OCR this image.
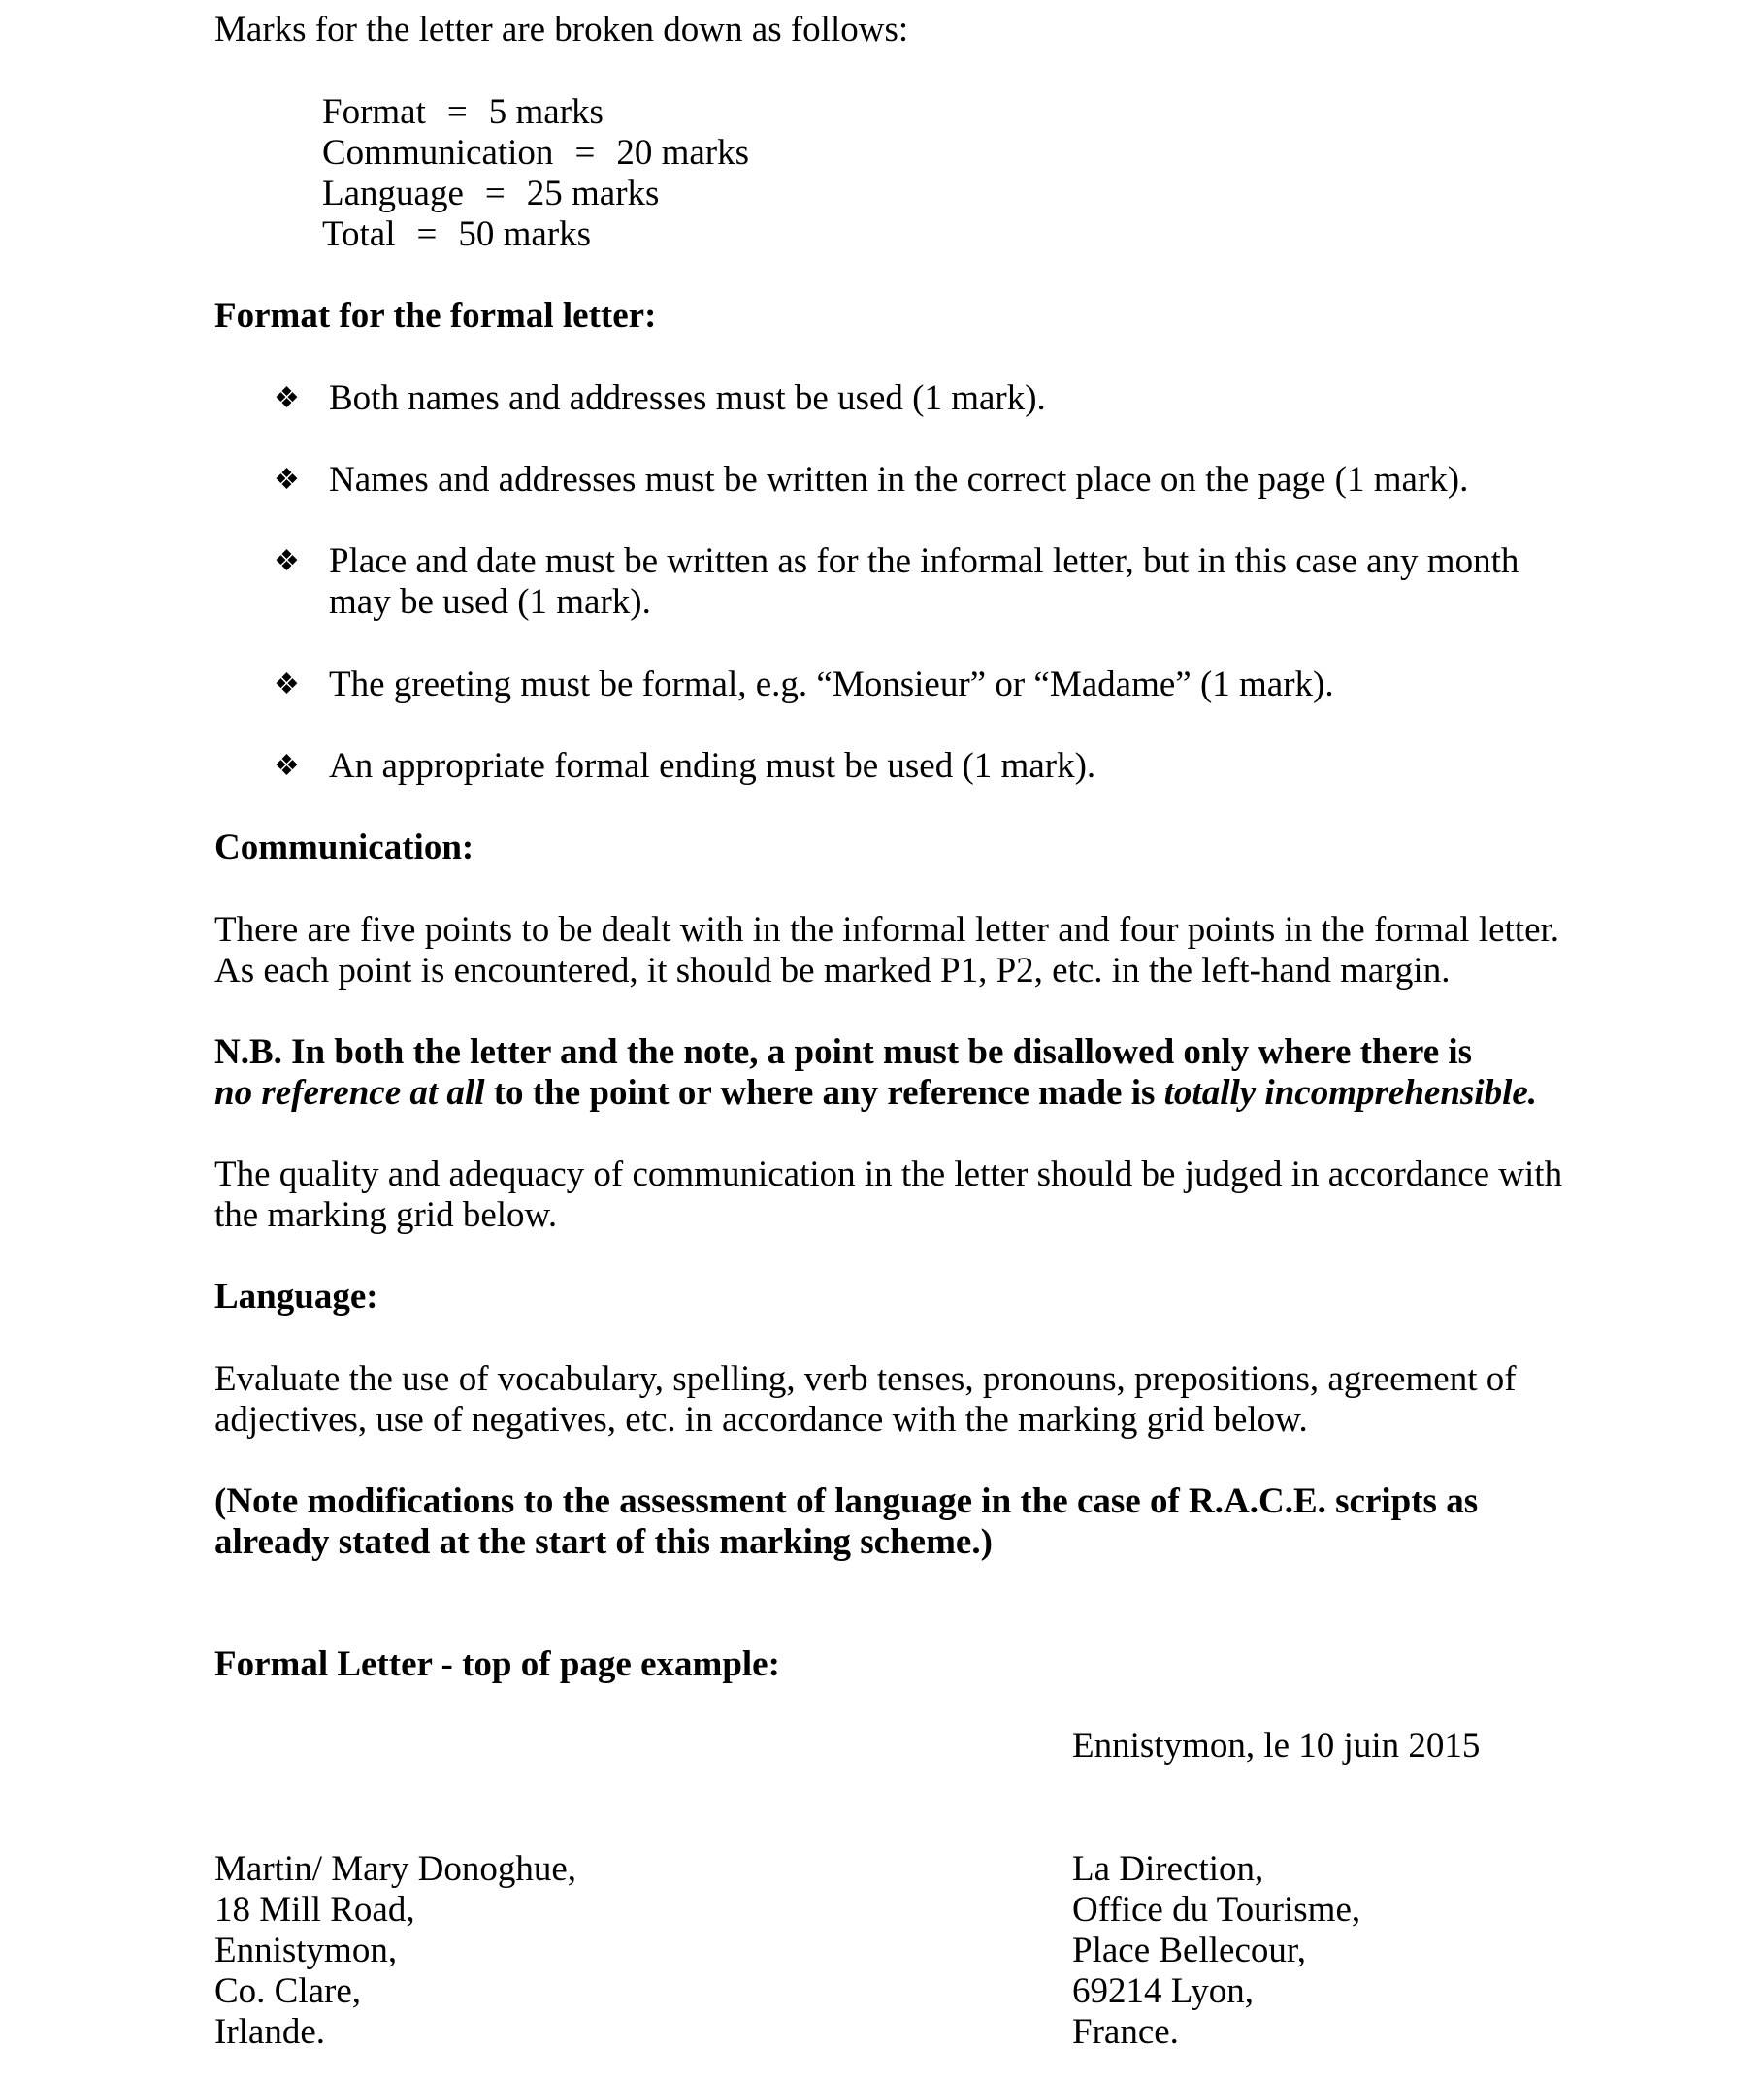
Marks for the letter are broken down as follows:
Format = 5 marks
Communication = 20 marks
Language = 25 marks
Total = 50 marks
Format for the formal letter:
❖ Both names and addresses must be used (1 mark).
❖ Names and addresses must be written in the correct place on the page (1 mark).
❖ Place and date must be written as for the informal letter, but in this case any month
may be used (1 mark).
❖ The greeting must be formal, e.g. “Monsieur” or “Madame” (1 mark).
❖ An appropriate formal ending must be used (1 mark).
Communication:
There are five points to be dealt with in the informal letter and four points in the formal letter.
As each point is encountered, it should be marked P1, P2, etc. in the left-hand margin.
N.B. In both the letter and the note, a point must be disallowed only where there is
no reference at all to the point or where any reference made is totally incomprehensible.
The quality and adequacy of communication in the letter should be judged in accordance with
the marking grid below.
Language:
Evaluate the use of vocabulary, spelling, verb tenses, pronouns, prepositions, agreement of
adjectives, use of negatives, etc. in accordance with the marking grid below.
(Note modifications to the assessment of language in the case of R.A.C.E. scripts as
already stated at the start of this marking scheme.)
Formal Letter - top of page example:
Ennistymon, le 10 juin 2015
Martin/ Mary Donoghue,
18 Mill Road,
Ennistymon,
Co. Clare,
Irlande.
La Direction,
Office du Tourisme,
Place Bellecour,
69214 Lyon,
France.
